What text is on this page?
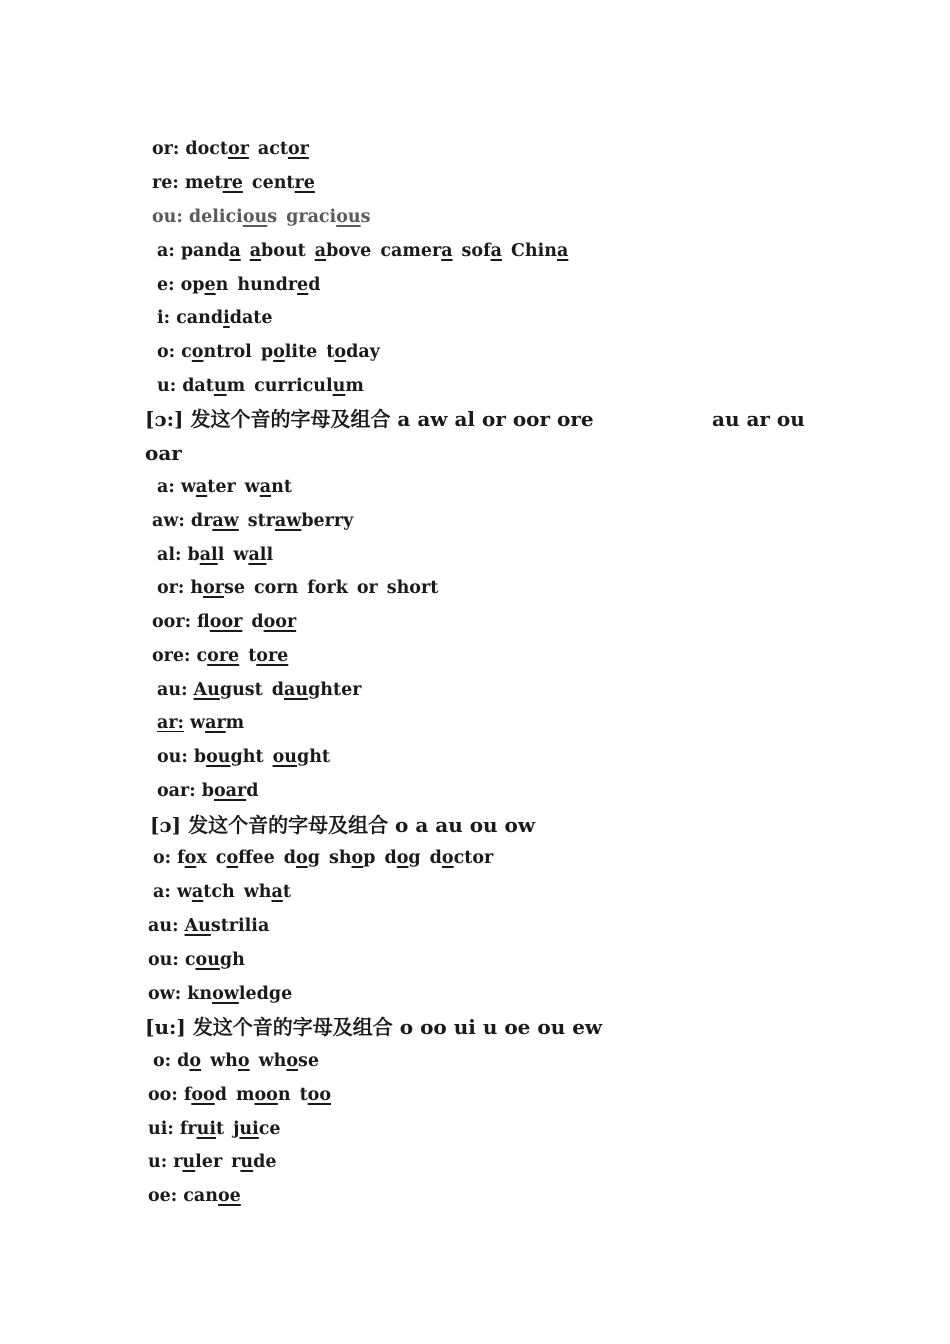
or: doctor actor
re: metre centre
ou: delicious gracious
a: panda about above camera sofa China
e: open hundred
i: candidate
o: control polite today
u: datum curriculum
[ɔ:] 发这个音的字母及组合 a aw al or oor ore	au ar ou
oar
a: water want
aw: draw strawberry
al: ball wall
or: horse corn fork or short
oor: floor door
ore: core tore
au: August daughter
ar: warm
ou: bought ought
oar: board
[ɔ] 发这个音的字母及组合 o a au ou ow
o: fox coffee dog shop dog doctor
a: watch what
au: Austrilia
ou: cough
ow: knowledge
[u:] 发这个音的字母及组合 o oo ui u oe ou ew
o: do who whose
oo: food moon too
ui: fruit juice
u: ruler rude
oe: canoe
